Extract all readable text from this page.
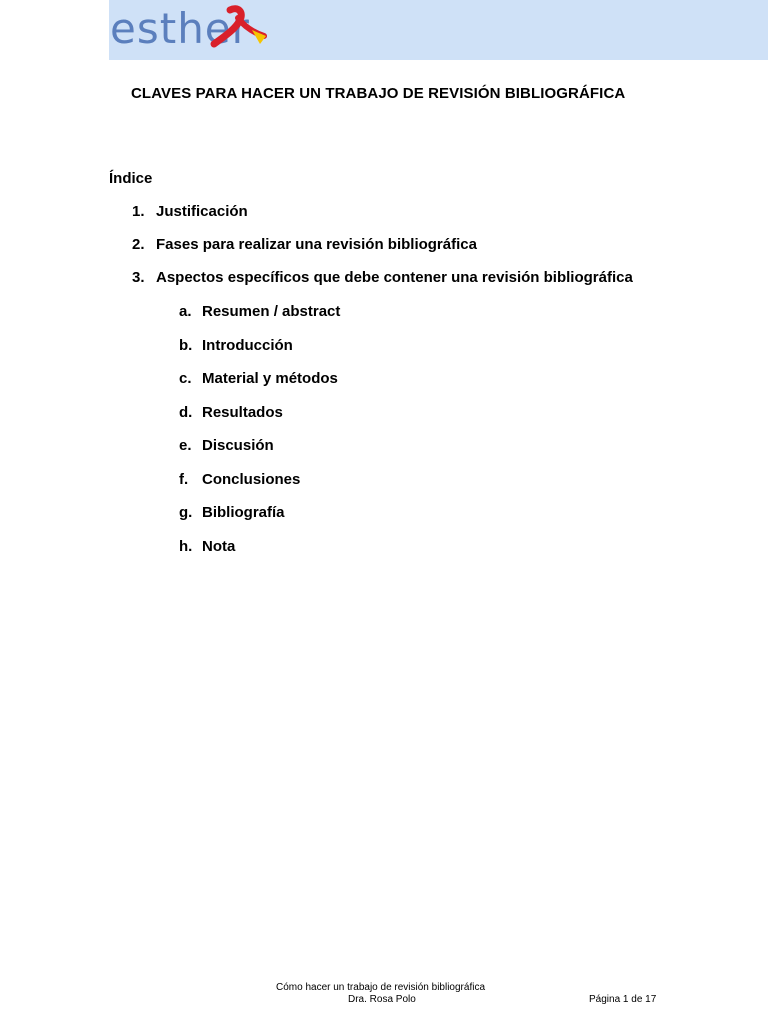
esther
CLAVES PARA HACER UN TRABAJO DE REVISIÓN BIBLIOGRÁFICA
Índice
1. Justificación
2. Fases para realizar una revisión bibliográfica
3. Aspectos específicos que debe contener una revisión bibliográfica
a. Resumen / abstract
b. Introducción
c. Material y métodos
d. Resultados
e. Discusión
f. Conclusiones
g. Bibliografía
h. Nota
Cómo hacer un trabajo de revisión bibliográfica
Dra. Rosa Polo	Página 1 de 17
